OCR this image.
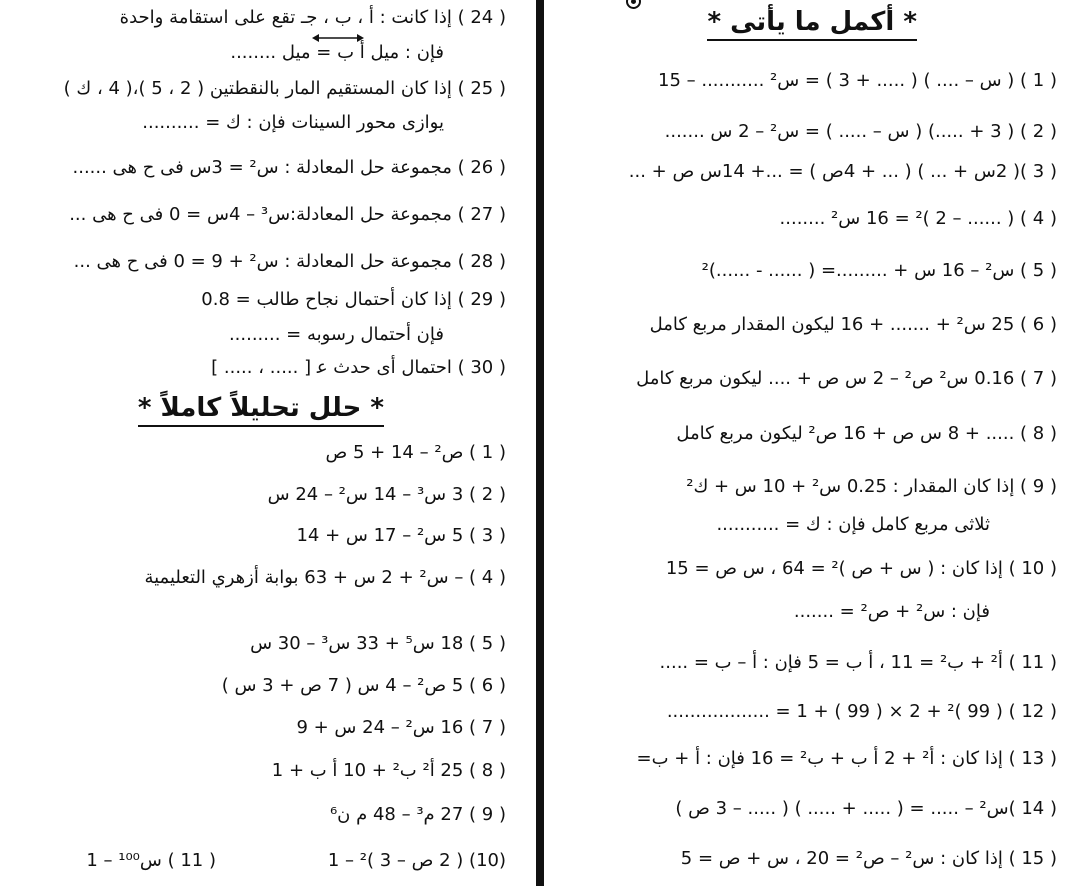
( 24 ) إذا كانت : أ ، ب ، جـ تقع على استقامة واحدة
فإن : ميل أ ب = ميل ........
( 25 ) إذا كان المستقيم المار بالنقطتين ( 2 ، 5 )،( 4 ، ك )
يوازى محور السينات فإن : ك = ..........
( 26 ) مجموعة حل المعادلة : س² = 3س فى ح هى ......
( 27 ) مجموعة حل المعادلة:س³ – 4س = 0 فى ح هى ...
( 28 ) مجموعة حل المعادلة : س² + 9 = 0 فى ح هى ...
( 29 ) إذا كان أحتمال نجاح طالب = 0.8
فإن أحتمال رسوبه = .........
( 30 ) احتمال أى حدث ﻋ [ ..... ، ..... ]
* حلل تحليلاً كاملاً *
( 1 ) ص² – 14 + 5 ص
( 2 ) 3 س³ – 14 س² – 24 س
( 3 ) 5 س² – 17 س + 14
( 4 ) – س² + 2 س + 63 بوابة أزهري التعليمية
( 5 ) 18 س⁵ + 33 س³ – 30 س
( 6 ) 5 ص² – 4 س ( 7 ص + 3 س )
( 7 ) 16 س² – 24 س + 9
( 8 ) 25 أ² ب² + 10 أ ب + 1
( 9 ) 27 م³ – 48 م ن⁶
(10) ( 2 ص – 3 )² – 1
( 11 ) س¹⁰⁰ – 1
* أكمل ما يأتى *
( 1 ) ( س – .... ) ( ..... + 3 ) = س² ........... – 15
( 2 ) ( 3 + .....) ( س – ..... ) = س² – 2 س .......
( 3 )( 2س + ... ) ( ... + 4ص ) = ...+ 14س ص + ...
( 4 ) ( ...... – 2 )² = 16 س² ........
( 5 ) س² – 16 س + .........= ( ...... - ......)²
( 6 ) 25 س² + ....... + 16 ليكون المقدار مربع كامل
( 7 ) 0.16 س² ص² – 2 س ص + .... ليكون مربع كامل
( 8 ) ..... + 8 س ص + 16 ص² ليكون مربع كامل
( 9 ) إذا كان المقدار : 0.25 س² + 10 س + ك²
ثلاثى مربع كامل فإن : ك = ...........
( 10 ) إذا كان : ( س + ص )² = 64 ، س ص = 15
فإن : س² + ص² = .......
( 11 ) أ² + ب² = 11 ، أ ب = 5 فإن : أ – ب = .....
( 12 ) ( 99 )² + 2 × ( 99 ) + 1 = ..................
( 13 ) إذا كان : أ² + 2 أ ب + ب² = 16 فإن : أ + ب=
( 14 )س² – ..... = ( ..... + ..... ) ( ..... – 3 ص )
( 15 ) إذا كان : س² – ص² = 20 ، س + ص = 5
